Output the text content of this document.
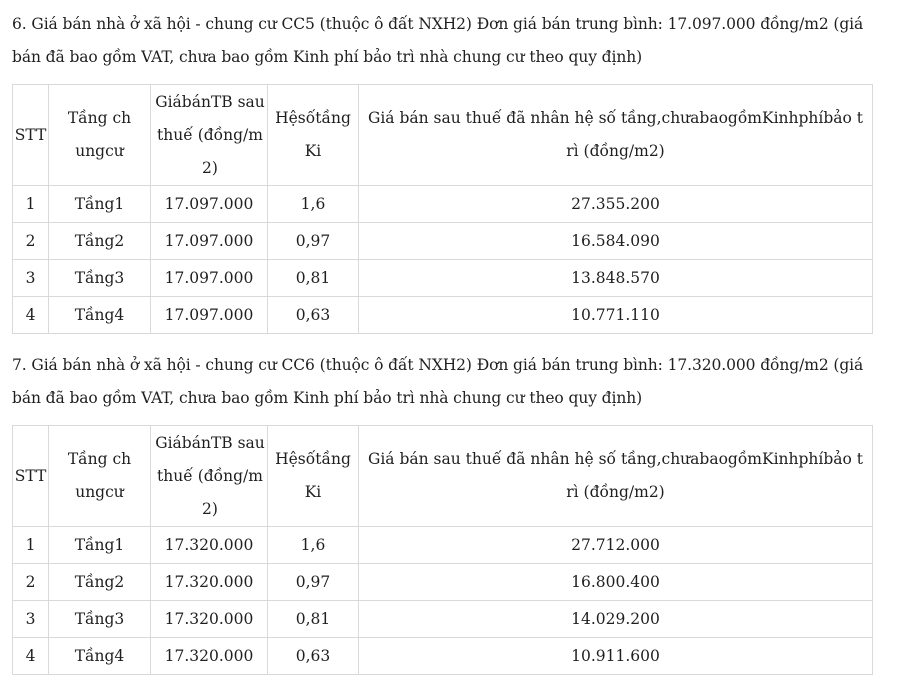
6. Giá bán nhà ở xã hội - chung cư CC5 (thuộc ô đất NXH2) Đơn giá bán trung bình: 17.097.000 đồng/m2 (giá bán đã bao gồm VAT, chưa bao gồm Kinh phí bảo trì nhà chung cư theo quy định)

STT	Tầng chungcư	GiábánTB sau thuế (đồng/m2)	Hệsốtầng Ki	Giá bán sau thuế đã nhân hệ số tầng,chưabaogồmKinhphíbảo trì (đồng/m2)
1	Tầng1	17.097.000	1,6	27.355.200
2	Tầng2	17.097.000	0,97	16.584.090
3	Tầng3	17.097.000	0,81	13.848.570
4	Tầng4	17.097.000	0,63	10.771.110

7. Giá bán nhà ở xã hội - chung cư CC6 (thuộc ô đất NXH2) Đơn giá bán trung bình: 17.320.000 đồng/m2 (giá bán đã bao gồm VAT, chưa bao gồm Kinh phí bảo trì nhà chung cư theo quy định)

STT	Tầng chungcư	GiábánTB sau thuế (đồng/m2)	Hệsốtầng Ki	Giá bán sau thuế đã nhân hệ số tầng,chưabaogồmKinhphíbảo trì (đồng/m2)
1	Tầng1	17.320.000	1,6	27.712.000
2	Tầng2	17.320.000	0,97	16.800.400
3	Tầng3	17.320.000	0,81	14.029.200
4	Tầng4	17.320.000	0,63	10.911.600
